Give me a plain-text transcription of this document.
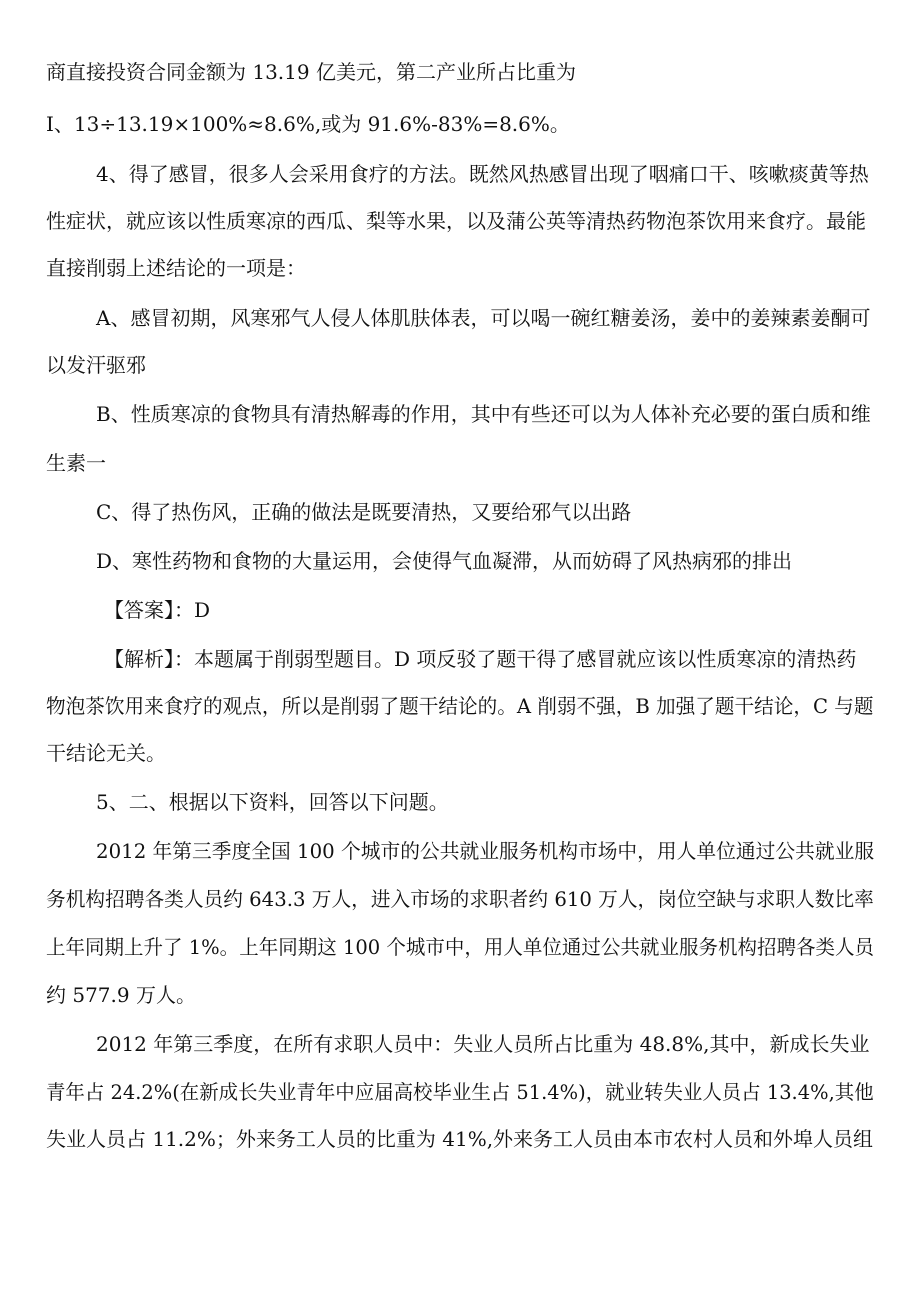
商直接投资合同金额为 13.19 亿美元，第二产业所占比重为
I、13÷13.19×100%≈8.6%,或为 91.6%-83%=8.6%。
4、得了感冒，很多人会采用食疗的方法。既然风热感冒出现了咽痛口干、咳嗽痰黄等热
性症状，就应该以性质寒凉的西瓜、梨等水果，以及蒲公英等清热药物泡茶饮用来食疗。最能
直接削弱上述结论的一项是：
A、感冒初期，风寒邪气人侵人体肌肤体表，可以喝一碗红糖姜汤，姜中的姜辣素姜酮可
以发汗驱邪
B、性质寒凉的食物具有清热解毒的作用，其中有些还可以为人体补充必要的蛋白质和维
生素一
C、得了热伤风，正确的做法是既要清热，又要给邪气以出路
D、寒性药物和食物的大量运用，会使得气血凝滞，从而妨碍了风热病邪的排出
【答案】：D
【解析】：本题属于削弱型题目。D 项反驳了题干得了感冒就应该以性质寒凉的清热药
物泡茶饮用来食疗的观点，所以是削弱了题干结论的。A 削弱不强，B 加强了题干结论，C 与题
干结论无关。
5、二、根据以下资料，回答以下问题。
2012 年第三季度全国 100 个城市的公共就业服务机构市场中，用人单位通过公共就业服
务机构招聘各类人员约 643.3 万人，进入市场的求职者约 610 万人，岗位空缺与求职人数比率
上年同期上升了 1%。上年同期这 100 个城市中，用人单位通过公共就业服务机构招聘各类人员
约 577.9 万人。
2012 年第三季度，在所有求职人员中：失业人员所占比重为 48.8%,其中，新成长失业
青年占 24.2%(在新成长失业青年中应届高校毕业生占 51.4%)，就业转失业人员占 13.4%,其他
失业人员占 11.2%；外来务工人员的比重为 41%,外来务工人员由本市农村人员和外埠人员组
